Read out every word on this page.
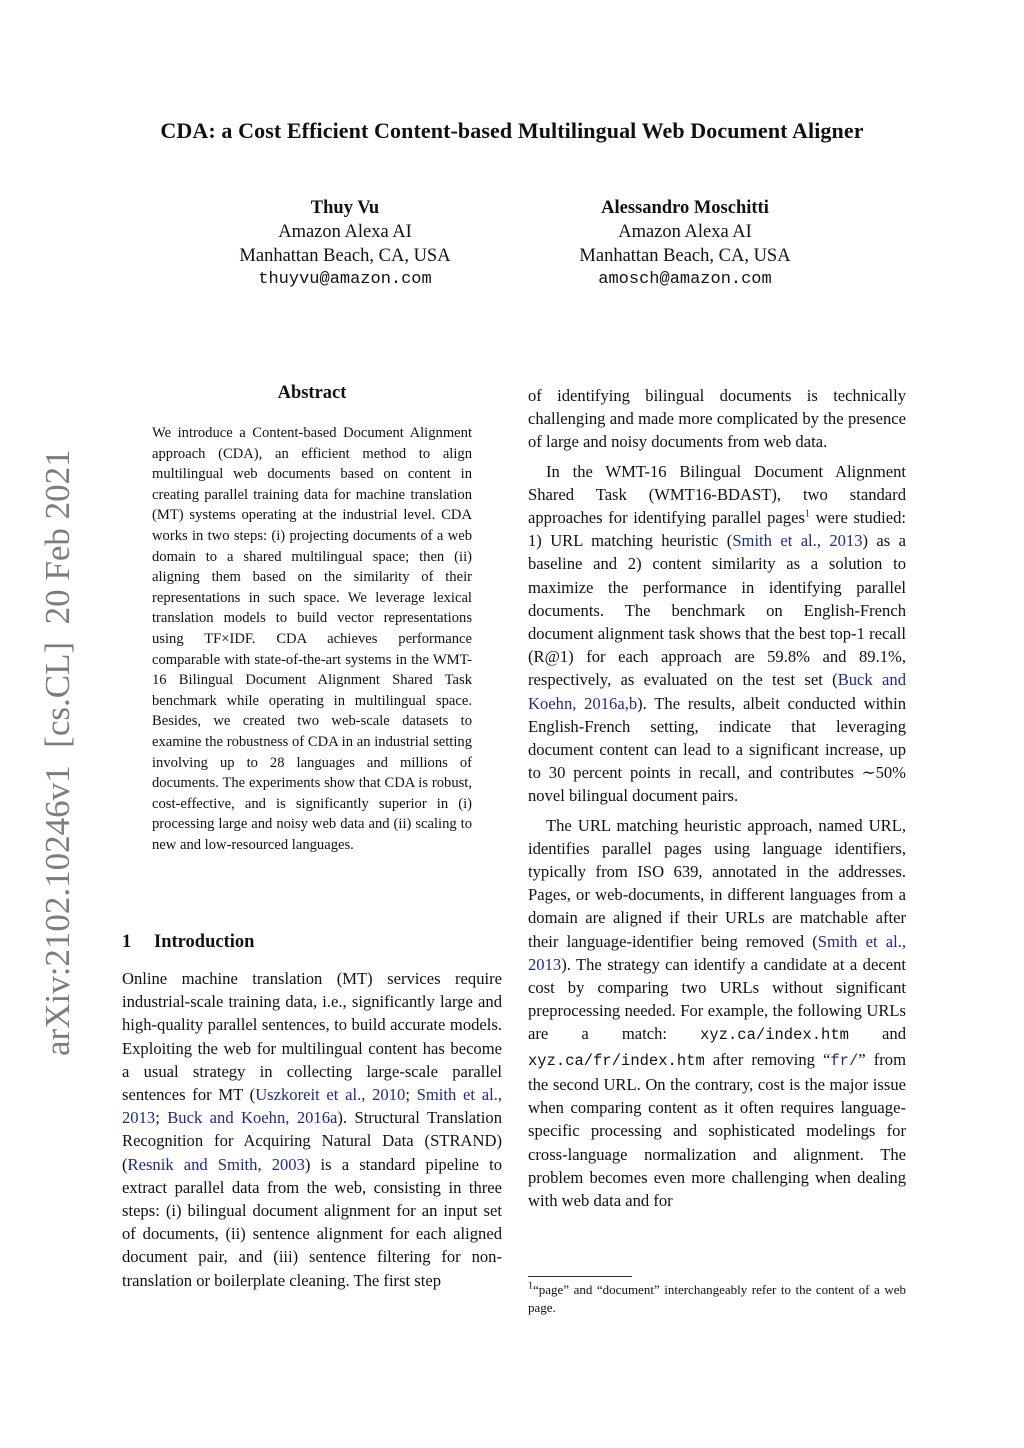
CDA: a Cost Efficient Content-based Multilingual Web Document Aligner
Thuy Vu
Amazon Alexa AI
Manhattan Beach, CA, USA
thuyvu@amazon.com
Alessandro Moschitti
Amazon Alexa AI
Manhattan Beach, CA, USA
amosch@amazon.com
arXiv:2102.10246v1  [cs.CL]  20 Feb 2021
Abstract
We introduce a Content-based Document Alignment approach (CDA), an efficient method to align multilingual web documents based on content in creating parallel training data for machine translation (MT) systems operating at the industrial level. CDA works in two steps: (i) projecting documents of a web domain to a shared multilingual space; then (ii) aligning them based on the similarity of their representations in such space. We leverage lexical translation models to build vector representations using TF×IDF. CDA achieves performance comparable with state-of-the-art systems in the WMT-16 Bilingual Document Alignment Shared Task benchmark while operating in multilingual space. Besides, we created two web-scale datasets to examine the robustness of CDA in an industrial setting involving up to 28 languages and millions of documents. The experiments show that CDA is robust, cost-effective, and is significantly superior in (i) processing large and noisy web data and (ii) scaling to new and low-resourced languages.
1 Introduction

Online machine translation (MT) services require industrial-scale training data, i.e., significantly large and high-quality parallel sentences, to build accurate models. Exploiting the web for multilingual content has become a usual strategy in collecting large-scale parallel sentences for MT (Uszkoreit et al., 2010; Smith et al., 2013; Buck and Koehn, 2016a). Structural Translation Recognition for Acquiring Natural Data (STRAND) (Resnik and Smith, 2003) is a standard pipeline to extract parallel data from the web, consisting in three steps: (i) bilingual document alignment for an input set of documents, (ii) sentence alignment for each aligned document pair, and (iii) sentence filtering for non-translation or boilerplate cleaning. The first step

of identifying bilingual documents is technically challenging and made more complicated by the presence of large and noisy documents from web data.

In the WMT-16 Bilingual Document Alignment Shared Task (WMT16-BDAST), two standard approaches for identifying parallel pages$^1$ were studied: 1) URL matching heuristic (Smith et al., 2013) as a baseline and 2) content similarity as a solution to maximize the performance in identifying parallel documents. The benchmark on English-French document alignment task shows that the best top-1 recall (R@1) for each approach are 59.8% and 89.1%, respectively, as evaluated on the test set (Buck and Koehn, 2016a,b). The results, albeit conducted within English-French setting, indicate that leveraging document content can lead to a significant increase, up to 30 percent points in recall, and contributes ∼50% novel bilingual document pairs.

The URL matching heuristic approach, named URL, identifies parallel pages using language identifiers, typically from ISO 639, annotated in the addresses. Pages, or web-documents, in different languages from a domain are aligned if their URLs are matchable after their language-identifier being removed (Smith et al., 2013). The strategy can identify a candidate at a decent cost by comparing two URLs without significant preprocessing needed. For example, the following URLs are a match: xyz.ca/index.htm and xyz.ca/fr/index.htm after removing “fr/” from the second URL. On the contrary, cost is the major issue when comparing content as it often requires language-specific processing and sophisticated modelings for cross-language normalization and alignment. The problem becomes even more challenging when dealing with web data and for

$^1$“page” and “document” interchangeably refer to the content of a web page.
